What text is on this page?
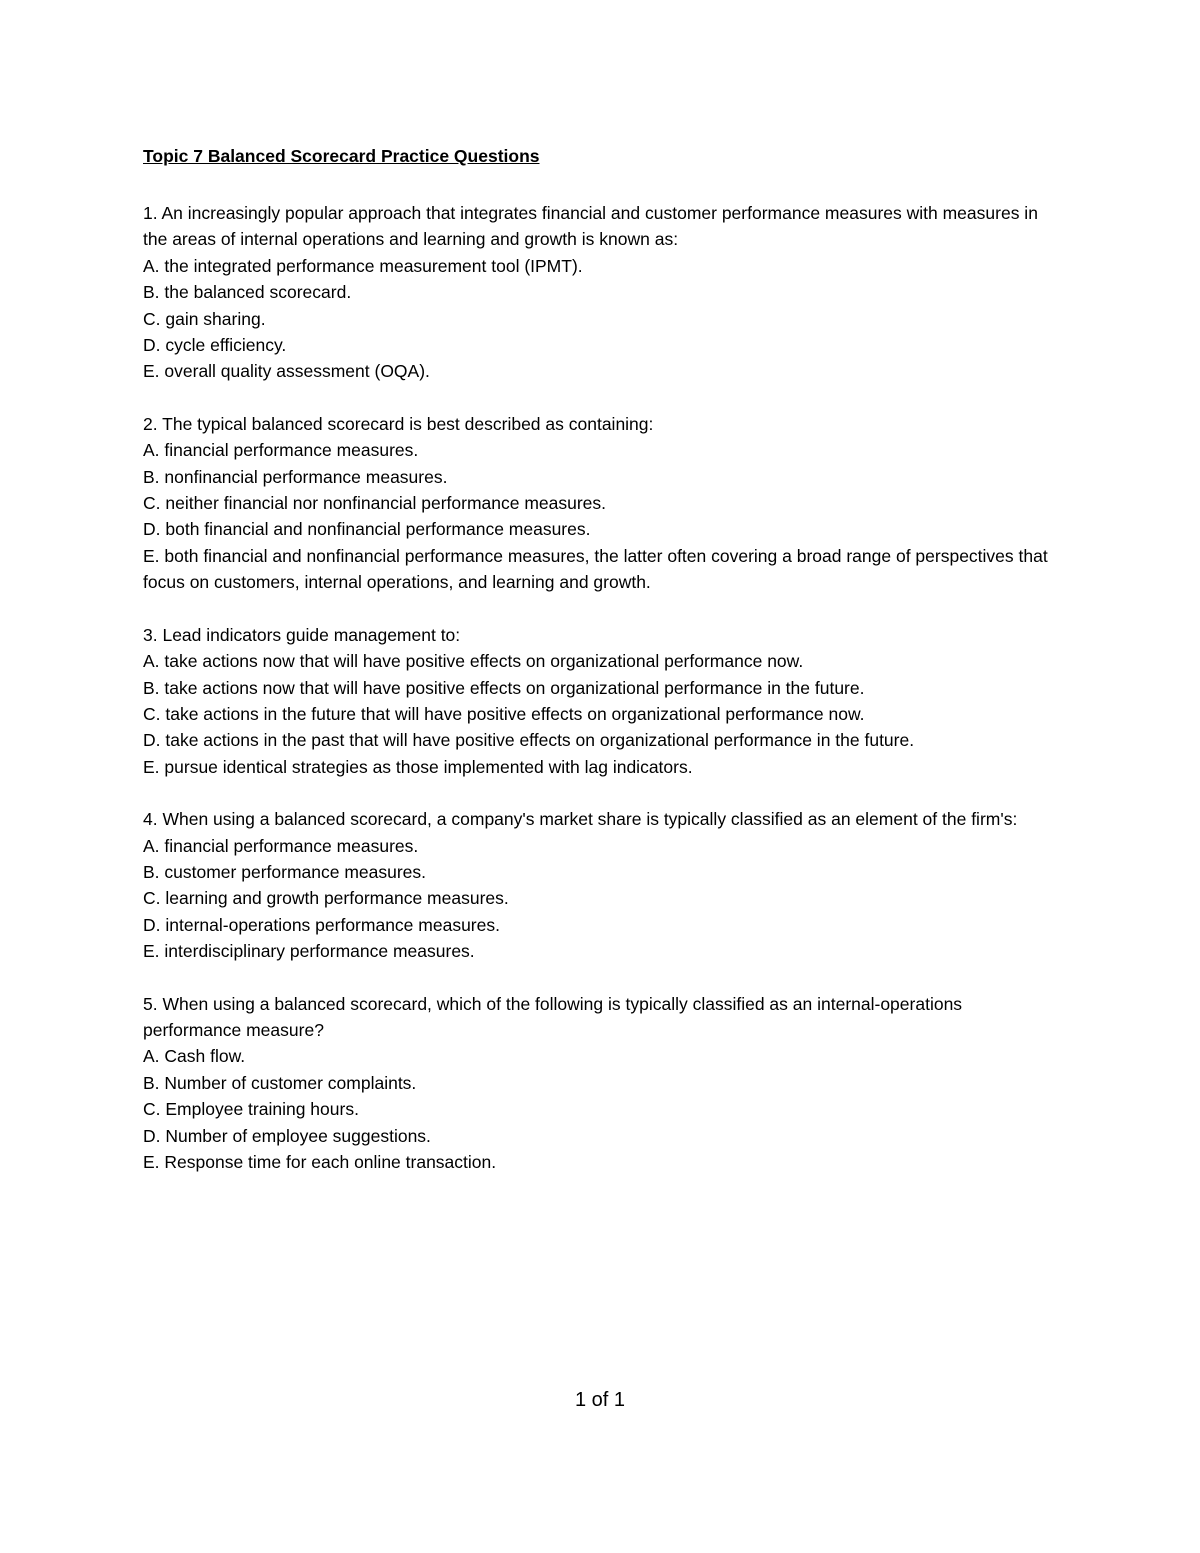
Topic 7 Balanced Scorecard Practice Questions
1. An increasingly popular approach that integrates financial and customer performance measures with measures in the areas of internal operations and learning and growth is known as:
A. the integrated performance measurement tool (IPMT).
B. the balanced scorecard.
C. gain sharing.
D. cycle efficiency.
E. overall quality assessment (OQA).
2. The typical balanced scorecard is best described as containing:
A. financial performance measures.
B. nonfinancial performance measures.
C. neither financial nor nonfinancial performance measures.
D. both financial and nonfinancial performance measures.
E. both financial and nonfinancial performance measures, the latter often covering a broad range of perspectives that focus on customers, internal operations, and learning and growth.
3. Lead indicators guide management to:
A. take actions now that will have positive effects on organizational performance now.
B. take actions now that will have positive effects on organizational performance in the future.
C. take actions in the future that will have positive effects on organizational performance now.
D. take actions in the past that will have positive effects on organizational performance in the future.
E. pursue identical strategies as those implemented with lag indicators.
4. When using a balanced scorecard, a company's market share is typically classified as an element of the firm's:
A. financial performance measures.
B. customer performance measures.
C. learning and growth performance measures.
D. internal-operations performance measures.
E. interdisciplinary performance measures.
5. When using a balanced scorecard, which of the following is typically classified as an internal-operations performance measure?
A. Cash flow.
B. Number of customer complaints.
C. Employee training hours.
D. Number of employee suggestions.
E. Response time for each online transaction.
1 of 1
